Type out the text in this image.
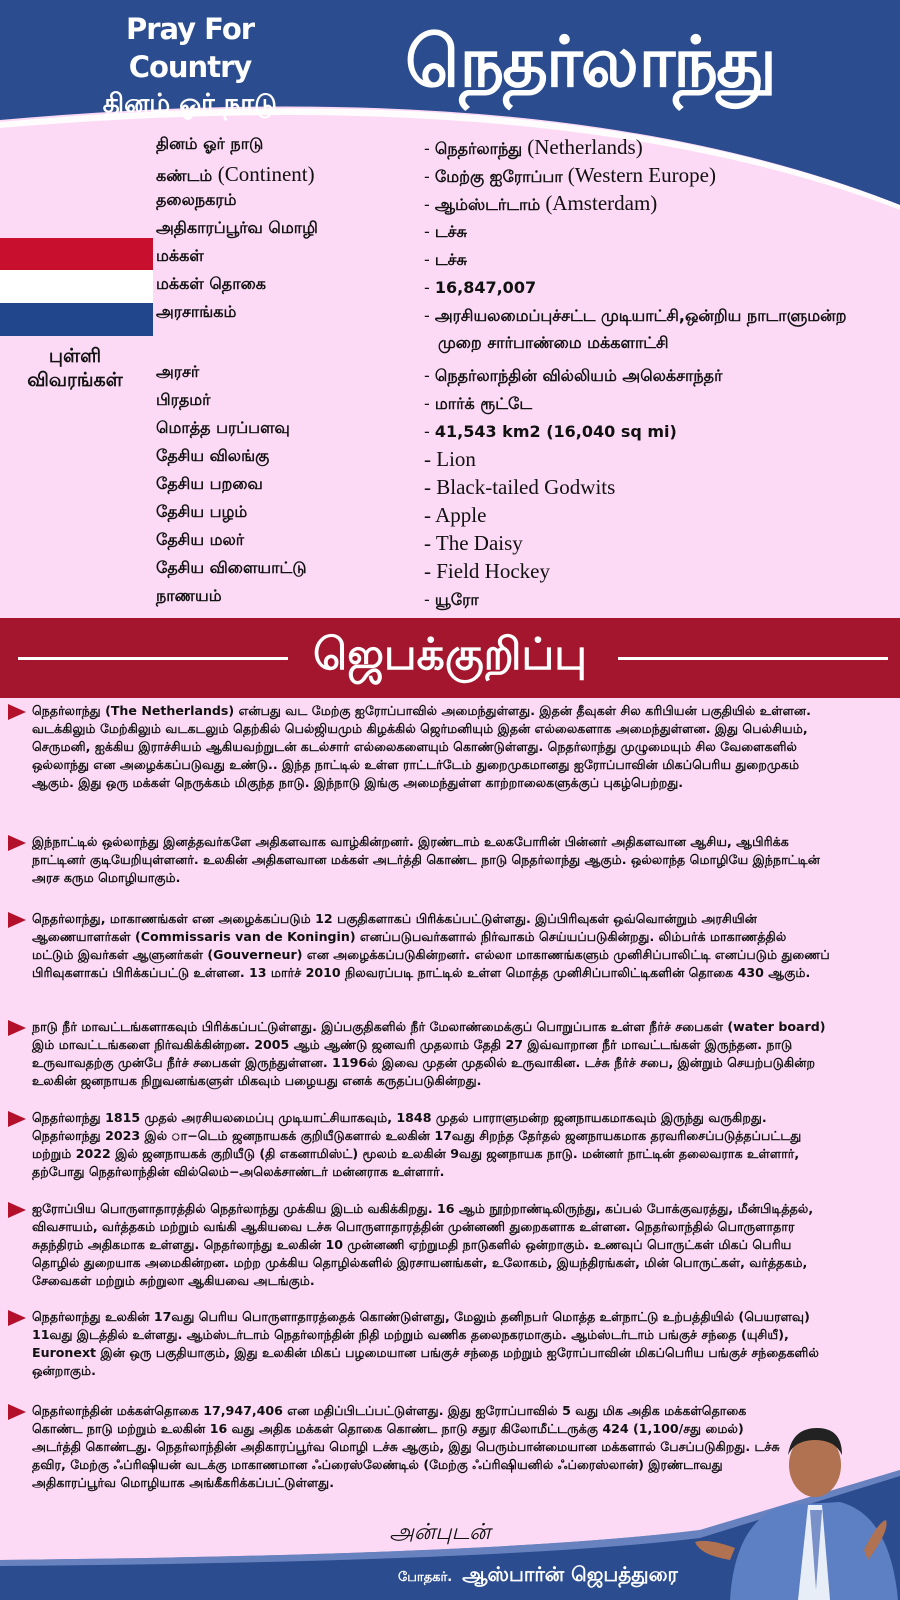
Pray For Country
தினம் ஓர் நாடு
நெதர்லாந்து
புள்ளி
விவரங்கள்
தினம் ஓர் நாடு	- நெதர்லாந்து (Netherlands)
கண்டம் (Continent)	- மேற்கு ஐரோப்பா (Western Europe)
தலைநகரம்	- ஆம்ஸ்டர்டாம் (Amsterdam)
அதிகாரப்பூர்வ மொழி	- டச்சு
மக்கள்	- டச்சு
மக்கள் தொகை	- 16,847,007
அரசாங்கம்	- அரசியலமைப்புச்சட்ட முடியாட்சி,ஒன்றிய நாடாளுமன்ற முறை சார்பாண்மை மக்களாட்சி
அரசர்	- நெதர்லாந்தின் வில்லியம் அலெக்சாந்தர்
பிரதமர்	- மார்க் ரூட்டே
மொத்த பரப்பளவு	- 41,543 km2 (16,040 sq mi)
தேசிய விலங்கு	- Lion
தேசிய பறவை	- Black-tailed Godwits
தேசிய பழம்	- Apple
தேசிய மலர்	- The Daisy
தேசிய விளையாட்டு	- Field Hockey
நாணயம்	- யூரோ
ஜெபக்குறிப்பு
நெதர்லாந்து (The Netherlands) என்பது வட மேற்கு ஐரோப்பாவில் அமைந்துள்ளது. இதன் தீவுகள் சில கரிபியன் பகுதியில் உள்ளன. வடக்கிலும் மேற்கிலும் வடகடலும் தெற்கில் பெல்ஜியமும் கிழக்கில் ஜெர்மனியும் இதன் எல்லைகளாக அமைந்துள்ளன. இது பெல்சியம், செருமனி, ஐக்கிய இராச்சியம் ஆகியவற்றுடன் கடல்சார் எல்லைகளையும் கொண்டுள்ளது. நெதர்லாந்து முழுமையும் சில வேளைகளில் ஒல்லாந்து என அழைக்கப்படுவது உண்டு.. இந்த நாட்டில் உள்ள ராட்டர்டேம் துறைமுகமானது ஐரோப்பாவின் மிகப்பெரிய துறைமுகம் ஆகும். இது ஒரு மக்கள் நெருக்கம் மிகுந்த நாடு. இந்நாடு இங்கு அமைந்துள்ள காற்றாலைகளுக்குப் புகழ்பெற்றது.
இந்நாட்டில் ஒல்லாந்து இனத்தவர்களே அதிகளவாக வாழ்கின்றனர். இரண்டாம் உலகபோரின் பின்னர் அதிகளவான ஆசிய, ஆபிரிக்க நாட்டினர் குடியேறியுள்ளனர். உலகின் அதிகளவான மக்கள் அடர்த்தி கொண்ட நாடு நெதர்லாந்து ஆகும். ஒல்லாந்த மொழியே இந்நாட்டின் அரச கரும மொழியாகும்.
நெதர்லாந்து, மாகாணங்கள் என அழைக்கப்படும் 12 பகுதிகளாகப் பிரிக்கப்பட்டுள்ளது. இப்பிரிவுகள் ஒவ்வொன்றும் அரசியின் ஆணையாளர்கள் (Commissaris van de Koningin) எனப்படுபவர்களால் நிர்வாகம் செய்யப்படுகின்றது. லிம்பர்க் மாகாணத்தில் மட்டும் இவர்கள் ஆளுனர்கள் (Gouverneur) என அழைக்கப்படுகின்றனர். எல்லா மாகாணங்களும் முனிசிப்பாலிட்டி எனப்படும் துணைப் பிரிவுகளாகப் பிரிக்கப்பட்டு உள்ளன. 13 மார்ச் 2010 நிலவரப்படி நாட்டில் உள்ள மொத்த முனிசிப்பாலிட்டிகளின் தொகை 430 ஆகும்.
நாடு நீர் மாவட்டங்களாகவும் பிரிக்கப்பட்டுள்ளது. இப்பகுதிகளில் நீர் மேலாண்மைக்குப் பொறுப்பாக உள்ள நீர்ச் சபைகள் (water board) இம் மாவட்டங்களை நிர்வகிக்கின்றன. 2005 ஆம் ஆண்டு ஜனவரி முதலாம் தேதி 27 இவ்வாறான நீர் மாவட்டங்கள் இருந்தன. நாடு உருவாவதற்கு முன்பே நீர்ச் சபைகள் இருந்துள்ளன. 1196ல் இவை முதன் முதலில் உருவாகின. டச்சு நீர்ச் சபை, இன்றும் செயற்படுகின்ற உலகின் ஜனநாயக நிறுவனங்களுள் மிகவும் பழையது எனக் கருதப்படுகின்றது.
நெதர்லாந்து 1815 முதல் அரசியலமைப்பு முடியாட்சியாகவும், 1848 முதல் பாராளுமன்ற ஜனநாயகமாகவும் இருந்து வருகிறது. நெதர்லாந்து 2023 இல் ா−டெம் ஜனநாயகக் குறியீடுகளால் உலகின் 17வது சிறந்த தேர்தல் ஜனநாயகமாக தரவரிசைப்படுத்தப்பட்டது மற்றும் 2022 இல் ஜனநாயகக் குறியீடு (தி எகனாமிஸ்ட்) மூலம் உலகின் 9வது ஜனநாயக நாடு. மன்னர் நாட்டின் தலைவராக உள்ளார், தற்போது நெதர்லாந்தின் வில்லெம்−அலெக்சாண்டர் மன்னராக உள்ளார்.
ஐரோப்பிய பொருளாதாரத்தில் நெதர்லாந்து முக்கிய இடம் வகிக்கிறது. 16 ஆம் நூற்றாண்டிலிருந்து, கப்பல் போக்குவரத்து, மீன்பிடித்தல், விவசாயம், வர்த்தகம் மற்றும் வங்கி ஆகியவை டச்சு பொருளாதாரத்தின் முன்னணி துறைகளாக உள்ளன. நெதர்லாந்தில் பொருளாதார சுதந்திரம் அதிகமாக உள்ளது. நெதர்லாந்து உலகின் 10 முன்னணி ஏற்றுமதி நாடுகளில் ஒன்றாகும். உணவுப் பொருட்கள் மிகப் பெரிய தொழில் துறையாக அமைகின்றன. மற்ற முக்கிய தொழில்களில் இரசாயனங்கள், உலோகம், இயந்திரங்கள், மின் பொருட்கள், வர்த்தகம், சேவைகள் மற்றும் சுற்றுலா ஆகியவை அடங்கும்.
நெதர்லாந்து உலகின் 17வது பெரிய பொருளாதாரத்தைக் கொண்டுள்ளது, மேலும் தனிநபர் மொத்த உள்நாட்டு உற்பத்தியில் (பெயரளவு) 11வது இடத்தில் உள்ளது. ஆம்ஸ்டர்டாம் நெதர்லாந்தின் நிதி மற்றும் வணிக தலைநகரமாகும். ஆம்ஸ்டர்டாம் பங்குச் சந்தை (யுசியீ), Euronext இன் ஒரு பகுதியாகும், இது உலகின் மிகப் பழமையான பங்குச் சந்தை மற்றும் ஐரோப்பாவின் மிகப்பெரிய பங்குச் சந்தைகளில் ஒன்றாகும்.
நெதர்லாந்தின் மக்கள்தொகை 17,947,406 என மதிப்பிடப்பட்டுள்ளது. இது ஐரோப்பாவில் 5 வது மிக அதிக மக்கள்தொகை கொண்ட நாடு மற்றும் உலகின் 16 வது அதிக மக்கள் தொகை கொண்ட நாடு சதுர கிலோமீட்டருக்கு 424 (1,100/சது மைல்) அடர்த்தி கொண்டது. நெதர்லாந்தின் அதிகாரப்பூர்வ மொழி டச்சு ஆகும், இது பெரும்பான்மையான மக்களால் பேசப்படுகிறது. டச்சு தவிர, மேற்கு ஃப்ரிஷியன் வடக்கு மாகாணமான ஃப்ரைஸ்லேண்டில் (மேற்கு ஃப்ரிஷியனில் ஃப்ரைஸ்லான்) இரண்டாவது அதிகாரப்பூர்வ மொழியாக அங்கீகரிக்கப்பட்டுள்ளது.
அன்புடன்
போதகர். ஆஸ்பார்ன் ஜெபத்துரை
